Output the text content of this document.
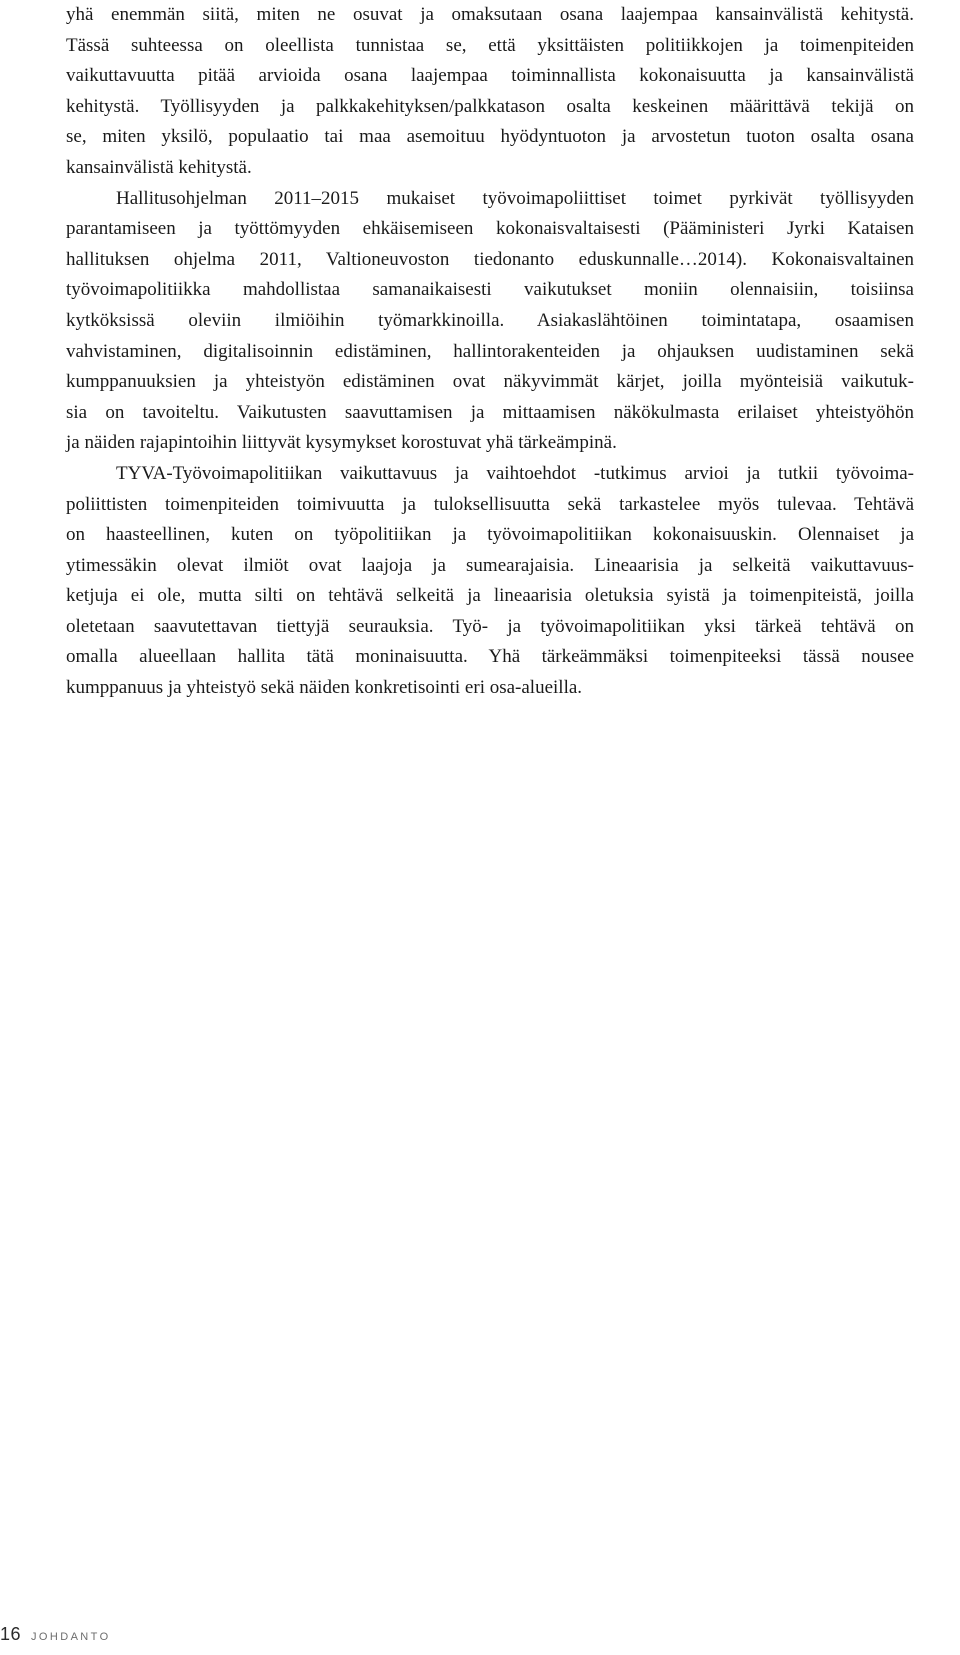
yhä enemmän siitä, miten ne osuvat ja omaksutaan osana laajempaa kansainvälistä kehitystä.
Tässä suhteessa on oleellista tunnistaa se, että yksittäisten politiikkojen ja toimenpiteiden
vaikuttavuutta pitää arvioida osana laajempaa toiminnallista kokonaisuutta ja kansainvälistä
kehitystä. Työllisyyden ja palkkakehityksen/palkkatason osalta keskeinen määrittävä tekijä on
se, miten yksilö, populaatio tai maa asemoituu hyödyntuoton ja arvostetun tuoton osalta osana
kansainvälistä kehitystä.
Hallitusohjelman 2011–2015 mukaiset työvoimapoliittiset toimet pyrkivät työllisyyden
parantamiseen ja työttömyyden ehkäisemiseen kokonaisvaltaisesti (Pääministeri Jyrki Kataisen
hallituksen ohjelma 2011, Valtioneuvoston tiedonanto eduskunnalle…2014). Kokonaisvaltainen
työvoimapolitiikka mahdollistaa samanaikaisesti vaikutukset moniin olennaisiin, toisiinsa
kytköksissä oleviin ilmiöihin työmarkkinoilla. Asiakaslähtöinen toimintatapa, osaamisen
vahvistaminen, digitalisoinnin edistäminen, hallintorakenteiden ja ohjauksen uudistaminen sekä
kumppanuuksien ja yhteistyön edistäminen ovat näkyvimmät kärjet, joilla myönteisiä vaikutuk-
sia on tavoiteltu. Vaikutusten saavuttamisen ja mittaamisen näkökulmasta erilaiset yhteistyöhön
ja näiden rajapintoihin liittyvät kysymykset korostuvat yhä tärkeämpinä.
TYVA-Työvoimapolitiikan vaikuttavuus ja vaihtoehdot -tutkimus arvioi ja tutkii työvoima-
poliittisten toimenpiteiden toimivuutta ja tuloksellisuutta sekä tarkastelee myös tulevaa. Tehtävä
on haasteellinen, kuten on työpolitiikan ja työvoimapolitiikan kokonaisuuskin. Olennaiset ja
ytimessäkin olevat ilmiöt ovat laajoja ja sumearajaisia. Lineaarisia ja selkeitä vaikuttavuus-
ketjuja ei ole, mutta silti on tehtävä selkeitä ja lineaarisia oletuksia syistä ja toimenpiteistä, joilla
oletetaan saavutettavan tiettyjä seurauksia. Työ- ja työvoimapolitiikan yksi tärkeä tehtävä on
omalla alueellaan hallita tätä moninaisuutta. Yhä tärkeämmäksi toimenpiteeksi tässä nousee
kumppanuus ja yhteistyö sekä näiden konkretisointi eri osa-alueilla.
16 JOHDANTO
